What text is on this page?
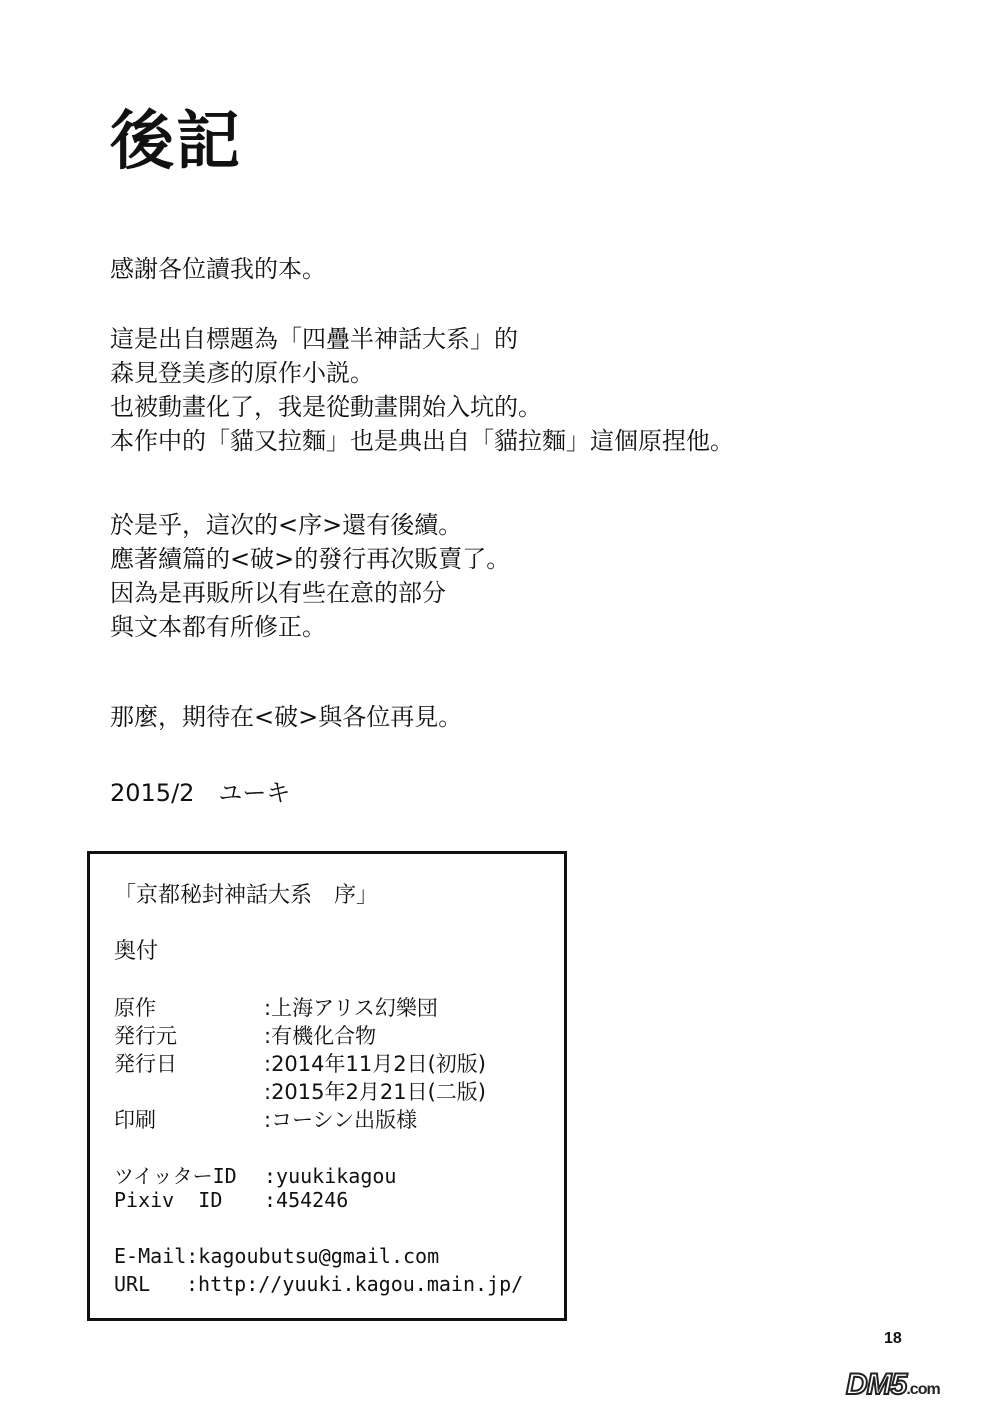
後記
感謝各位讀我的本。
這是出自標題為「四疊半神話大系」的
森見登美彥的原作小説。
也被動畫化了，我是從動畫開始入坑的。
本作中的「貓又拉麵」也是典出自「貓拉麵」這個原捏他。
於是乎，這次的<序>還有後續。
應著續篇的<破>的發行再次販賣了。
因為是再販所以有些在意的部分
與文本都有所修正。
那麼，期待在<破>與各位再見。
2015/2　ユーキ
「京都秘封神話大系　序」
奥付
原作	:上海アリス幻樂団
発行元	:有機化合物
発行日	:2014年11月2日(初版)
:2015年2月21日(二版)
印刷	:コーシン出版様
ツイッターID :yuukikagou
Pixiv  ID :454246
E-Mail:kagoubutsu@gmail.com
URL :http://yuuki.kagou.main.jp/
18
DM5.com
